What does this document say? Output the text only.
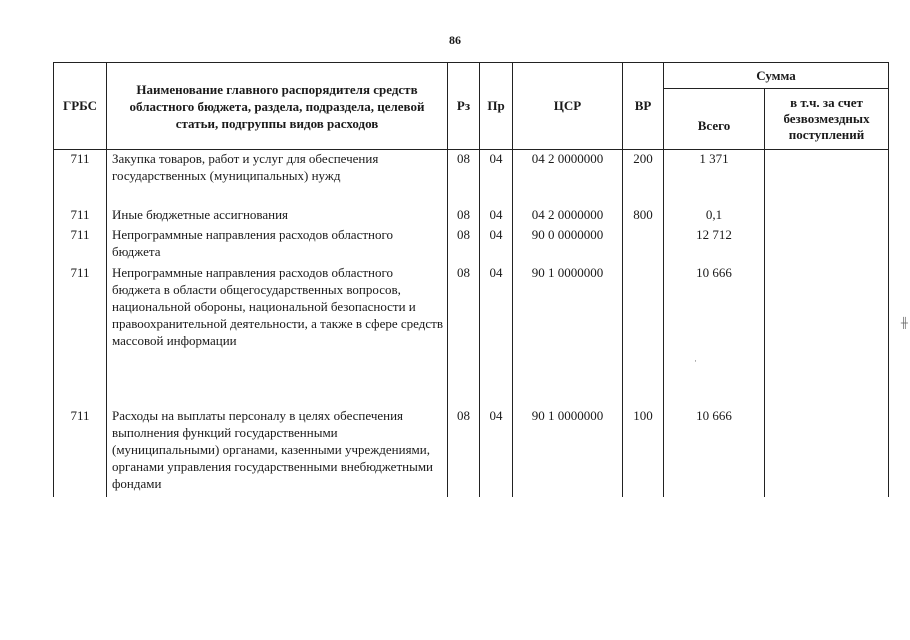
86
ГРБС	Наименование главного распорядителя средств областного бюджета, раздела, подраздела, целевой статьи, подгруппы видов расходов	Рз	Пр	ЦСР	ВР	Сумма	
						Всего	в т.ч. за счет безвозмездных поступлений
711	Закупка товаров, работ и услуг для обеспечения государственных (муниципальных) нужд	08	04	04 2 0000000	200	1 371	

711	Иные бюджетные ассигнования	08	04	04 2 0000000	800	0,1	
711	Непрограммные направления расходов областного бюджета	08	04	90 0 0000000		12 712	
711	Непрограммные направления расходов областного бюджета в области общегосударственных вопросов, национальной обороны, национальной безопасности и правоохранительной деятельности, а также в сфере средств массовой информации	08	04	90 1 0000000		10 666	
711	Расходы на выплаты персоналу в целях обеспечения выполнения функций государственными (муниципальными) органами, казенными учреждениями, органами управления государственными внебюджетными фондами	08	04	90 1 0000000	100	10 666	
╫
·
